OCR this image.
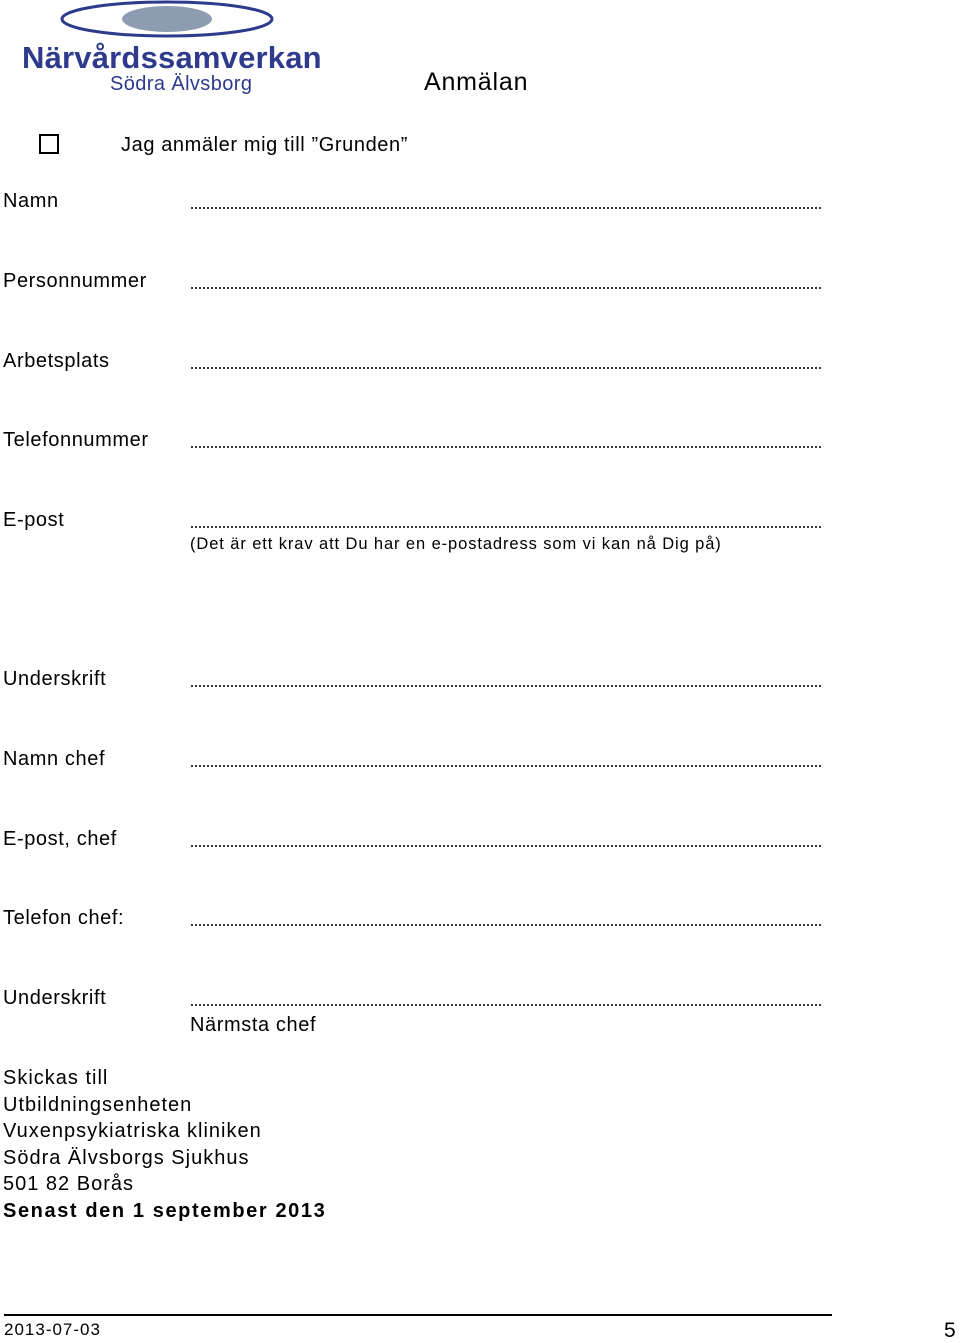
Närvårdssamverkan
Södra Älvsborg	Anmälan
Jag anmäler mig till ”Grunden”
Namn
Personnummer
Arbetsplats
Telefonnummer
E-post
(Det är ett krav att Du har en e-postadress som vi kan nå Dig på)
Underskrift
Namn chef
E-post, chef
Telefon chef:
Underskrift
Närmsta chef
Skickas till
Utbildningsenheten
Vuxenpsykiatriska kliniken
Södra Älvsborgs Sjukhus
501 82 Borås
Senast den 1 september 2013
2013-07-03	5
